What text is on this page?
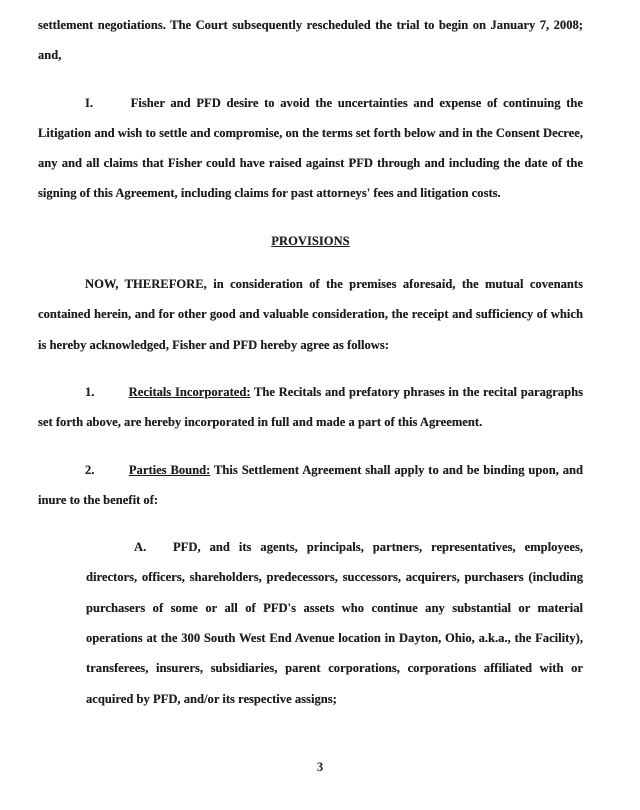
settlement negotiations. The Court subsequently rescheduled the trial to begin on January 7, 2008; and,

I.	Fisher and PFD desire to avoid the uncertainties and expense of continuing the Litigation and wish to settle and compromise, on the terms set forth below and in the Consent Decree, any and all claims that Fisher could have raised against PFD through and including the date of the signing of this Agreement, including claims for past attorneys' fees and litigation costs.

PROVISIONS

NOW, THEREFORE, in consideration of the premises aforesaid, the mutual covenants contained herein, and for other good and valuable consideration, the receipt and sufficiency of which is hereby acknowledged, Fisher and PFD hereby agree as follows:

1.	Recitals Incorporated: The Recitals and prefatory phrases in the recital paragraphs set forth above, are hereby incorporated in full and made a part of this Agreement.

2.	Parties Bound: This Settlement Agreement shall apply to and be binding upon, and inure to the benefit of:

A. PFD, and its agents, principals, partners, representatives, employees, directors, officers, shareholders, predecessors, successors, acquirers, purchasers (including purchasers of some or all of PFD's assets who continue any substantial or material operations at the 300 South West End Avenue location in Dayton, Ohio, a.k.a., the Facility), transferees, insurers, subsidiaries, parent corporations, corporations affiliated with or acquired by PFD, and/or its respective assigns;

3
